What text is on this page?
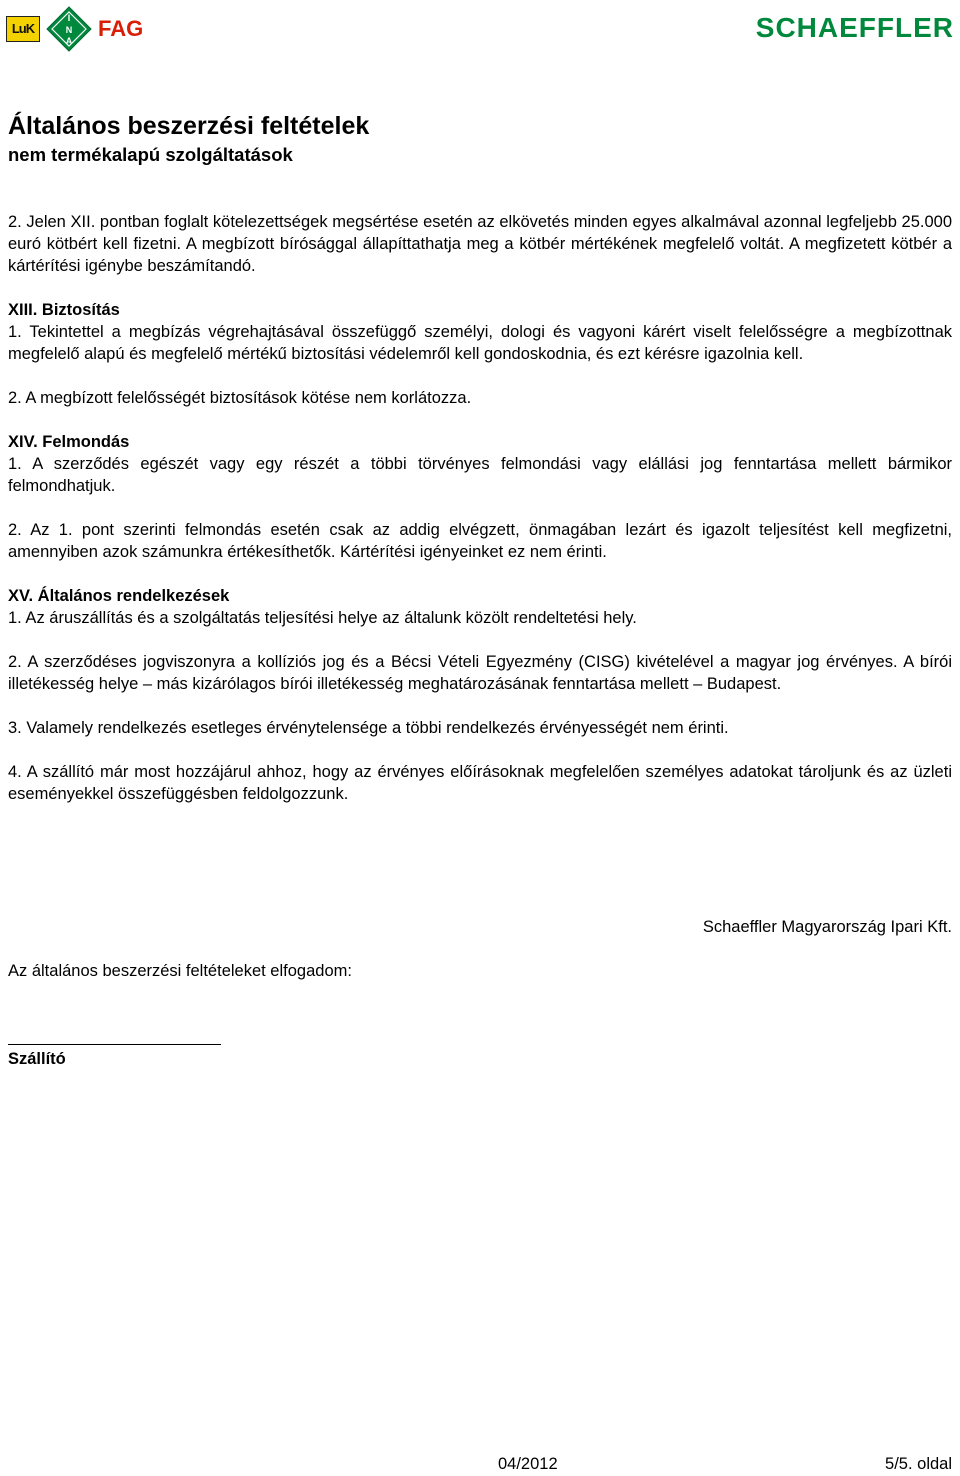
LuK
I
N
A FAG	SCHAEFFLER
Általános beszerzési feltételek
nem termékalapú szolgáltatások

2. Jelen XII. pontban foglalt kötelezettségek megsértése esetén az elkövetés minden egyes alkalmával azonnal legfeljebb 25.000 euró kötbért kell fizetni. A megbízott bírósággal állapíttathatja meg a kötbér mértékének megfelelő voltát. A megfizetett kötbér a kártérítési igénybe beszámítandó.

XIII. Biztosítás

1. Tekintettel a megbízás végrehajtásával összefüggő személyi, dologi és vagyoni kárért viselt felelősségre a megbízottnak megfelelő alapú és megfelelő mértékű biztosítási védelemről kell gondoskodnia, és ezt kérésre igazolnia kell.

2. A megbízott felelősségét biztosítások kötése nem korlátozza.

XIV. Felmondás

1. A szerződés egészét vagy egy részét a többi törvényes felmondási vagy elállási jog fenntartása mellett bármikor felmondhatjuk.

2. Az 1. pont szerinti felmondás esetén csak az addig elvégzett, önmagában lezárt és igazolt teljesítést kell megfizetni, amennyiben azok számunkra értékesíthetők. Kártérítési igényeinket ez nem érinti.

XV. Általános rendelkezések

1. Az áruszállítás és a szolgáltatás teljesítési helye az általunk közölt rendeltetési hely.

2. A szerződéses jogviszonyra a kollíziós jog és a Bécsi Vételi Egyezmény (CISG) kivételével a magyar jog érvényes. A bírói illetékesség helye – más kizárólagos bírói illetékesség meghatározásának fenntartása mellett – Budapest.

3. Valamely rendelkezés esetleges érvénytelensége a többi rendelkezés érvényességét nem érinti.

4. A szállító már most hozzájárul ahhoz, hogy az érvényes előírásoknak megfelelően személyes adatokat tároljunk és az üzleti eseményekkel összefüggésben feldolgozzunk.

Schaeffler Magyarország Ipari Kft.
Az általános beszerzési feltételeket elfogadom:
Szállító
04/2012	5/5. oldal
